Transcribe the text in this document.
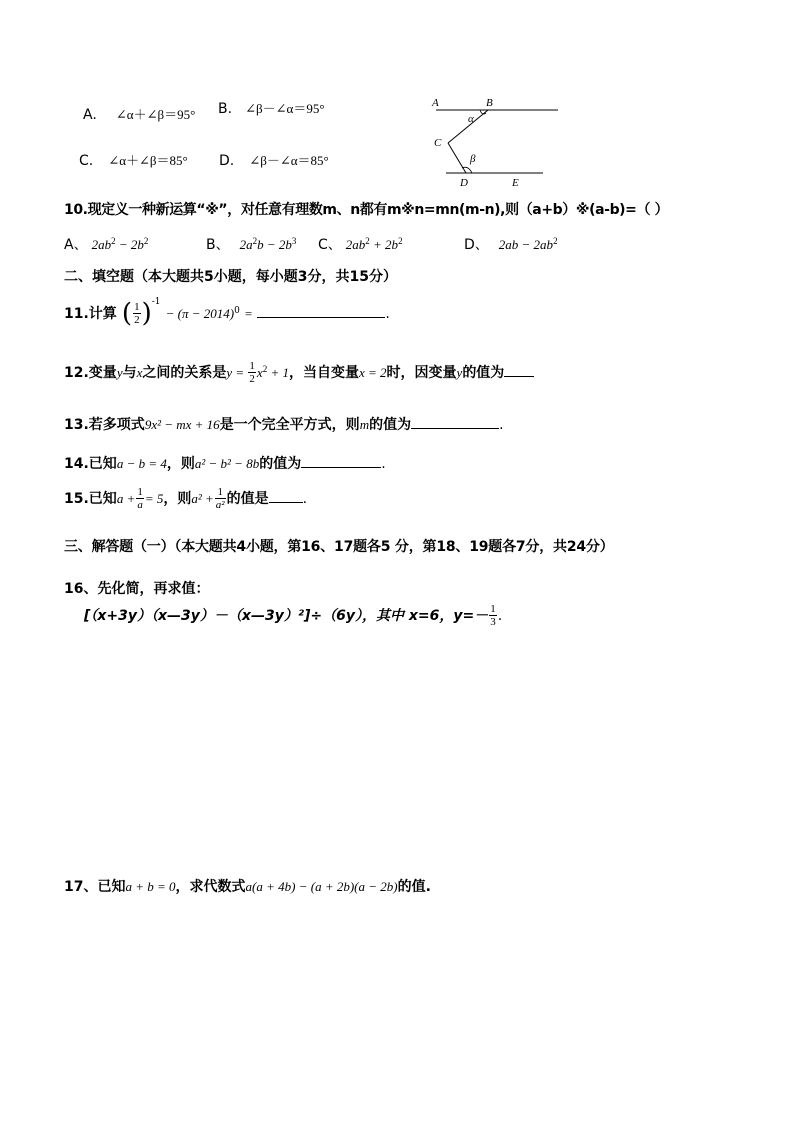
A. ∠α＋∠β＝95° B. ∠β－∠α＝95°
C. ∠α＋∠β＝85° D. ∠β－∠α＝85°
A	B
α
C
β
D	E
10.现定义一种新运算“※”，对任意有理数m、n都有m※n=mn(m-n),则（a+b）※(a-b)=（ ）
A、 $2ab^2 - 2b^2$	B、 $2a^2b - 2b^3$ C、 $2ab^2 + 2b^2$	D、 $2ab - 2ab^2$
二、填空题（本大题共5小题，每小题3分，共15分）
11.计算 ( $\frac{1}{2} )^{-1} - (\pi - 2014)^0$ =	.
12.变量y与x之间的关系是$y = \frac{1}{2} x^2 + 1$，当自变量x = 2时，因变量y的值为
13.若多项式9x² − mx + 16是一个完全平方式，则m的值为	.
14.已知a − b = 4，则a² − b² − 8b的值为	.
15.已知$a + \frac{1}{a} = 5$，则$a^2 + \frac{1}{\text{a²}}$ 的值是 .
三、解答题（一）（本大题共4小题，第16、17题各5 分，第18、19题各7分，共24分）
16、先化简，再求值：
[（x+3y）（x—3y）－（x—3y）²]÷（6y），其中 x=6，$y=- \frac{1}{3}$ .
17、已知a + b = 0，求代数式a(a + 4b) − (a + 2b)(a − 2b)的值.
